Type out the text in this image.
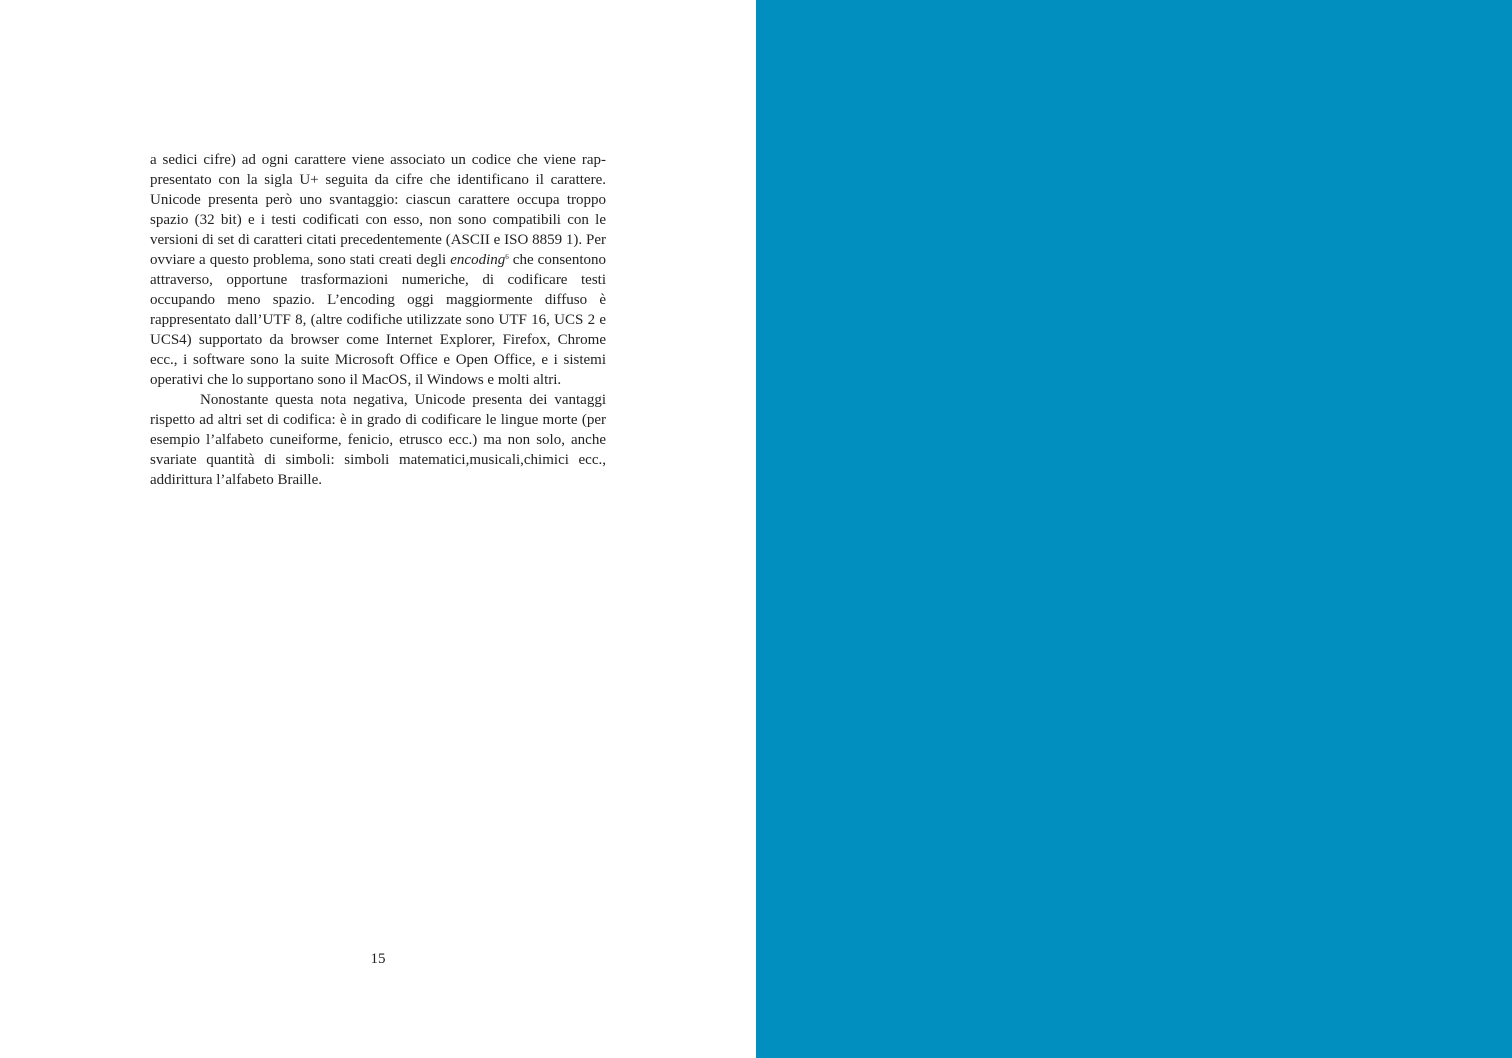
a sedici cifre) ad ogni carattere viene associato un codice che viene rappresentato con la sigla U+ seguita da cifre che identificano il carattere. Unicode presenta però uno svantaggio: ciascun carattere occupa troppo spazio (32 bit) e i testi codificati con esso, non sono compatibili con le versioni di set di caratteri citati precedentemente (ASCII e ISO 8859 1). Per ovviare a questo problema, sono stati creati degli encoding$^6$ che consentono attraverso, opportune trasformazioni numeriche, di codificare testi occupando meno spazio. L’encoding oggi maggiormente diffuso è rappresentato dall’UTF 8, (altre codifiche utilizzate sono UTF 16, UCS 2 e UCS4) supportato da browser come Internet Explorer, Firefox, Chrome ecc., i software sono la suite Microsoft Office e Open Office, e i sistemi operativi che lo supportano sono il MacOS, il Windows e molti altri.

Nonostante questa nota negativa, Unicode presenta dei vantaggi rispetto ad altri set di codifica: è in grado di codificare le lingue morte (per esempio l’alfabeto cuneiforme, fenicio, etrusco ecc.) ma non solo, anche svariate quantità di simboli: simboli matematici,musicali,chimici ecc., addirittura l’alfabeto Braille.

15
